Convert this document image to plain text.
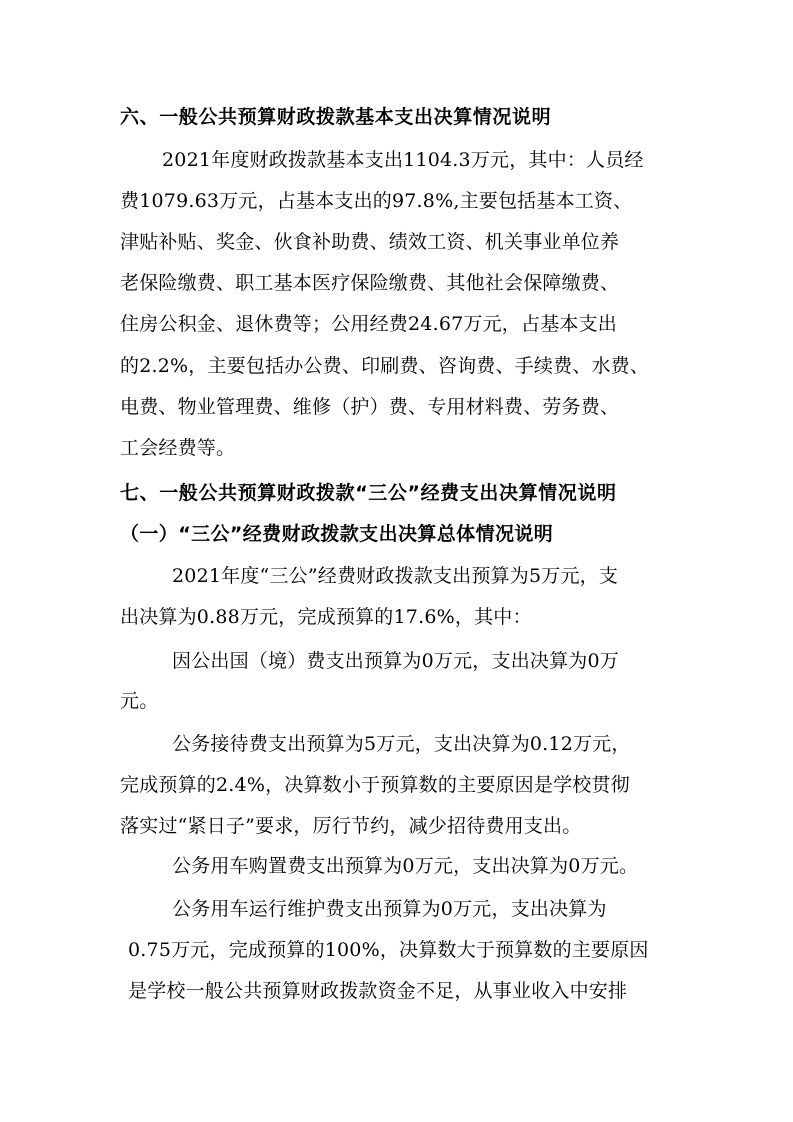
六、一般公共预算财政拨款基本支出决算情况说明
2021年度财政拨款基本支出1104.3万元，其中：人员经
费1079.63万元，占基本支出的97.8%,主要包括基本工资、
津贴补贴、奖金、伙食补助费、绩效工资、机关事业单位养
老保险缴费、职工基本医疗保险缴费、其他社会保障缴费、
住房公积金、退休费等；公用经费24.67万元，占基本支出
的2.2%，主要包括办公费、印刷费、咨询费、手续费、水费、
电费、物业管理费、维修（护）费、专用材料费、劳务费、
工会经费等。
七、一般公共预算财政拨款“三公”经费支出决算情况说明
（一）“三公”经费财政拨款支出决算总体情况说明
2021年度“三公”经费财政拨款支出预算为5万元，支
出决算为0.88万元，完成预算的17.6%，其中：
因公出国（境）费支出预算为0万元，支出决算为0万
元。
公务接待费支出预算为5万元，支出决算为0.12万元，
完成预算的2.4%，决算数小于预算数的主要原因是学校贯彻
落实过“紧日子”要求，厉行节约，减少招待费用支出。
公务用车购置费支出预算为0万元，支出决算为0万元。
公务用车运行维护费支出预算为0万元，支出决算为
0.75万元，完成预算的100%，决算数大于预算数的主要原因
是学校一般公共预算财政拨款资金不足，从事业收入中安排
